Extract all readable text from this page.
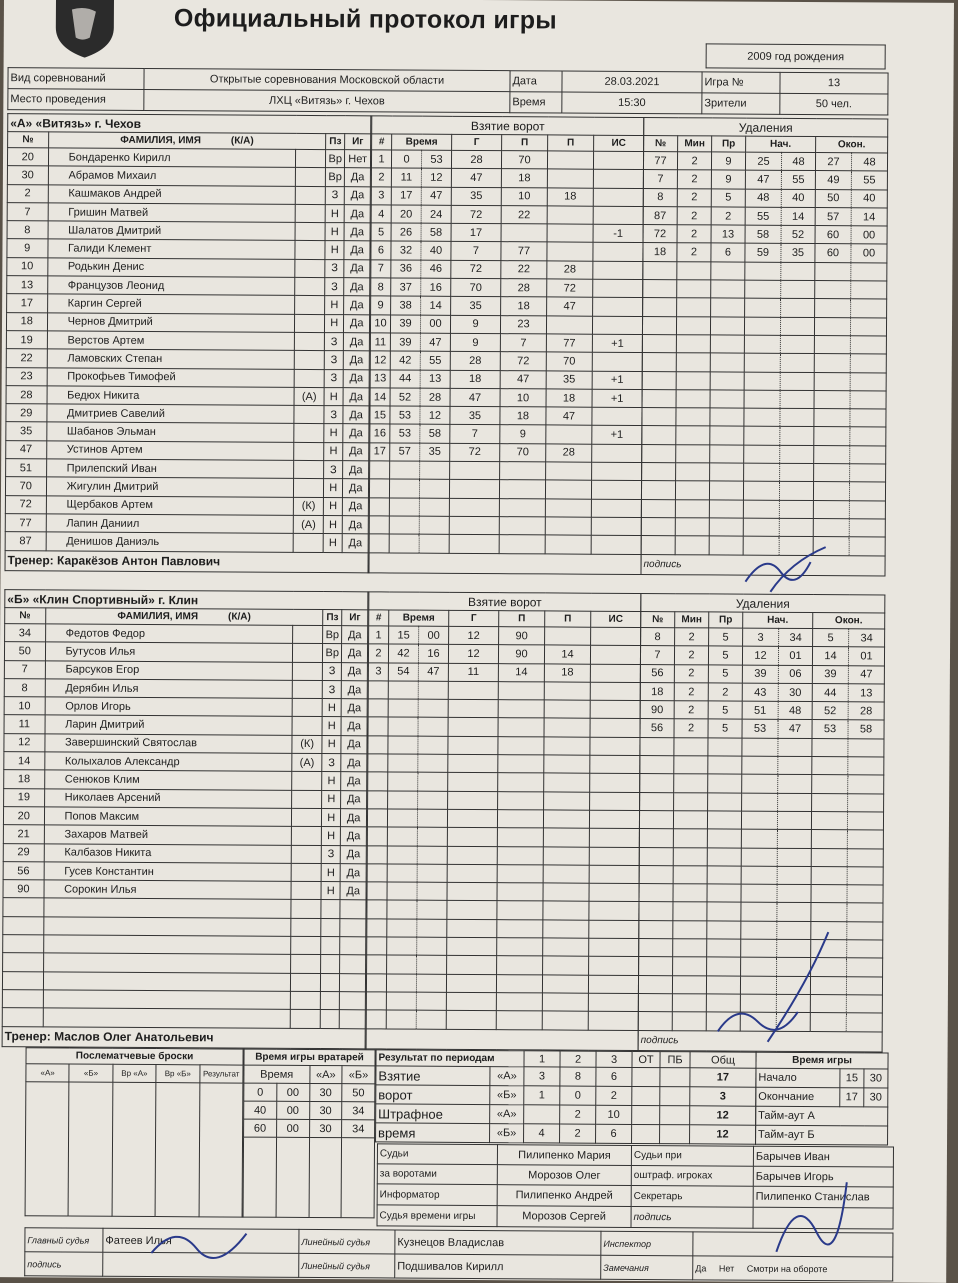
Официальный протокол игры
2009 год рождения
Вид соревнований	Открытые соревнования Московской области	Дата	28.03.2021	Игра №	13
Место проведения	ЛХЦ «Витязь» г. Чехов	Время	15:30	Зрители	50 чел.
«А» «Витязь» г. Чехов				
№	ФАМИЛИЯ, ИМЯ (К/А)		Пз	Иг
20	Бондаренко Кирилл		Вр	Нет
30	Абрамов Михаил		Вр	Да
2	Кашмаков Андрей		З	Да
7	Гришин Матвей		Н	Да
8	Шалатов Дмитрий		Н	Да
9	Галиди Клемент		Н	Да
10	Родькин Денис		З	Да
13	Французов Леонид		З	Да
17	Каргин Сергей		Н	Да
18	Чернов Дмитрий		Н	Да
19	Верстов Артем		З	Да
22	Ламовских Степан		З	Да
23	Прокофьев Тимофей		З	Да
28	Бедюх Никита	(А)	Н	Да
29	Дмитриев Савелий		З	Да
35	Шабанов Эльман		Н	Да
47	Устинов Артем		Н	Да
51	Прилепский Иван		З	Да
70	Жигулин Дмитрий		Н	Да
72	Щербаков Артем	(К)	Н	Да
77	Лапин Даниил	(А)	Н	Да
87	Денишов Даниэль		Н	Да
Тренер: Каракёзов Антон Павлович				
Взятие ворот						
#	Время		Г	П	П	ИС
1	0	53	28	70		
2	11	12	47	18		
3	17	47	35	10	18	
4	20	24	72	22		
5	26	58	17			-1
6	32	40	7	77		
7	36	46	72	22	28	
8	37	16	70	28	72	
9	38	14	35	18	47	
10	39	00	9	23		
11	39	47	9	7	77	+1
12	42	55	28	72	70	
13	44	13	18	47	35	+1
14	52	28	47	10	18	+1
15	53	12	35	18	47	
16	53	58	7	9		+1
17	57	35	72	70	28	

Удаления						
№	Мин	Пр	Нач.		Окон.	
77	2	9	25	48	27	48
7	2	9	47	55	49	55
8	2	5	48	40	50	40
87	2	2	55	14	57	14
72	2	13	58	52	60	00
18	2	6	59	35	60	00

подпись						
«Б» «Клин Спортивный» г. Клин				
№	ФАМИЛИЯ, ИМЯ (К/А)		Пз	Иг
34	Федотов Федор		Вр	Да
50	Бутусов Илья		Вр	Да
7	Барсуков Егор		З	Да
8	Дерябин Илья		З	Да
10	Орлов Игорь		Н	Да
11	Ларин Дмитрий		Н	Да
12	Завершинский Святослав	(К)	Н	Да
14	Колыхалов Александр	(А)	З	Да
18	Сенюков Клим		Н	Да
19	Николаев Арсений		Н	Да
20	Попов Максим		Н	Да
21	Захаров Матвей		Н	Да
29	Калбазов Никита		З	Да
56	Гусев Константин		Н	Да
90	Сорокин Илья		Н	Да

Тренер: Маслов Олег Анатольевич				
Взятие ворот						
#	Время		Г	П	П	ИС
1	15	00	12	90		
2	42	16	12	90	14	
3	54	47	11	14	18	

Удаления						
№	Мин	Пр	Нач.		Окон.	
8	2	5	3	34	5	34
7	2	5	12	01	14	01
56	2	5	39	06	39	47
18	2	2	43	30	44	13
90	2	5	51	48	52	28
56	2	5	53	47	53	58

подпись						
Послематчевые броски				
«А»	«Б»	Вр «А»	Вр «Б»	Результат

Время игры вратарей			
Время		«А»	«Б»
0	00	30	50
40	00	30	34
60	00	30	34

Результат по периодам		1	2	3	ОТ	ПБ	Общ
Взятие	«А»	3	8	6			17
ворот	«Б»	1	0	2			3
Штрафное	«А»		2	10			12
время	«Б»	4	2	6			12
Время игры		
Начало	15	30
Окончание	17	30
Тайм-аут А		
Тайм-аут Б		
Судьи	Пилипенко Мария	Судьи при	Барычев Иван
за воротами	Морозов Олег	оштраф. игроках	Барычев Игорь
Информатор	Пилипенко Андрей	Секретарь	Пилипенко Станислав
Судья времени игры	Морозов Сергей	подпись	
Главный судья	Фатеев Илья	Линейный судья	Кузнецов Владислав	Инспектор	
подпись		Линейный судья	Подшивалов Кирилл	Замечания	Да Нет Смотри на обороте
